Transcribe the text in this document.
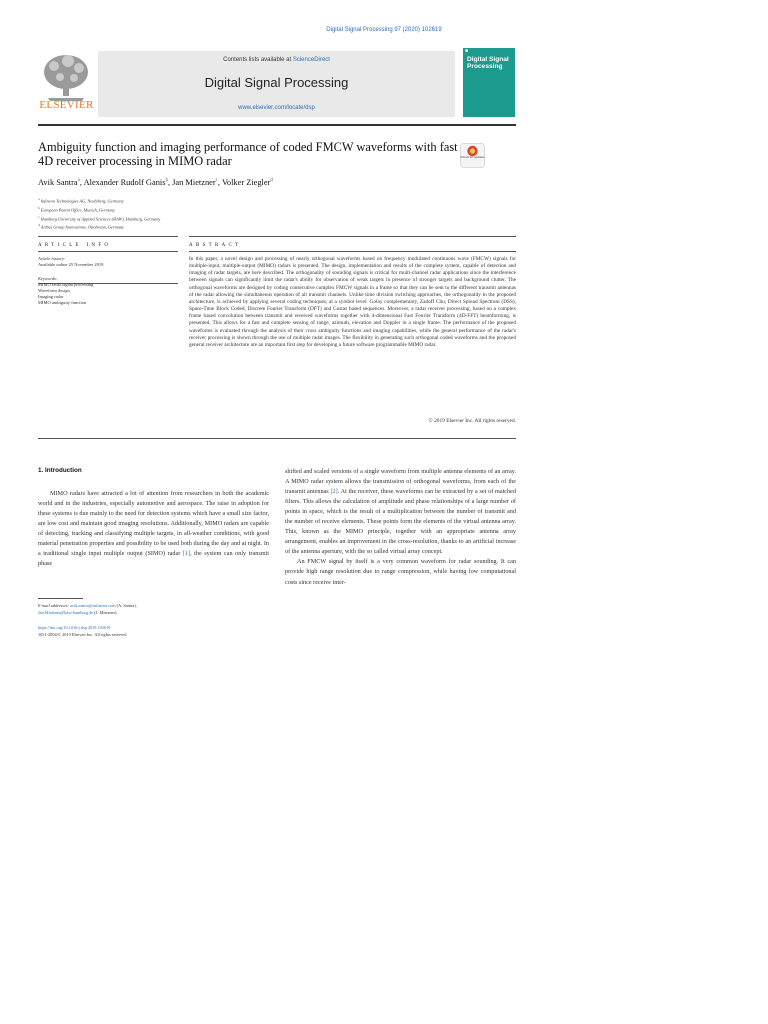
Digital Signal Processing 97 (2020) 102619
ELSEVIER
Contents lists available at ScienceDirect
Digital Signal Processing
www.elsevier.com/locate/dsp
■
Digital Signal Processing
Ambiguity function and imaging performance of coded FMCW waveforms with fast 4D receiver processing in MIMO radar	Check for updates
Avik Santra$^a$, Alexander Rudolf Ganis$^b$, Jan Mietzner$^c$, Volker Ziegler$^d$
$^a$ Infineon Technologies AG, Neubiberg, Germany
$^b$ European Patent Office, Munich, Germany
$^c$ Hamburg University of Applied Sciences (HAW), Hamburg, Germany
$^d$ Airbus Group Innovations, Ottobrunn, Germany
ARTICLE INFO	ABSTRACT
Article history:
Available online 25 November 2019
Keywords:
MIMO radar signal processing
Waveform design
Imaging radar
MIMO ambiguity function
In this paper, a novel design and processing of nearly orthogonal waveforms based on frequency modulated continuous wave (FMCW) signals for multiple-input, multiple-output (MIMO) radars is presented. The design, implementation and results of the complete system, capable of detection and imaging of radar targets, are here described. The orthogonality of sounding signals is critical for multi-channel radar applications since the interference between signals can significantly limit the radar's ability for observation of weak targets in presence of stronger targets and background clutter. The orthogonal waveforms are designed by coding consecutive complex FMCW signals in a frame so that they can be sent to the different transmit antennas of the radar allowing the simultaneous operation of all transmit channels. Unlike time division switching approaches, the orthogonality in the proposed architecture, is achieved by applying several coding techniques, at a symbol level: Golay complementary, Zadoff Chu, Direct Spread Spectrum (DSS), Space-Time Block Coded, Discrete Fourier Transform (DFT) and Costas based sequences. Moreover, a radar receiver processing, based on a complex frame based convolution between transmit and received waveforms together with 4-dimensional Fast Fourier Transform (4D-FFT) beamforming, is presented. This allows for a fast and complete sensing of range, azimuth, elevation and Doppler in a single frame. The performance of the proposed waveforms is evaluated through the analysis of their cross ambiguity functions and imaging capabilities, while the general performance of the radar's receiver processing is shown through the use of multiple radar images. The flexibility in generating such orthogonal coded waveforms and the proposed general receiver architecture are an important first step for developing a future software programmable MIMO radar.
© 2019 Elsevier Inc. All rights reserved.
1. Introduction

MIMO radars have attracted a lot of attention from researchers in both the academic world and in the industries, especially automotive and aerospace. The raise in adoption for these systems is due mainly to the need for detection systems which have a small size factor, are low cost and maintain good imaging resolutions. Additionally, MIMO radars are capable of detecting, tracking and classifying multiple targets, in all-weather conditions, with good material penetration properties and possibility to be used both during the day and at night. In a traditional single input multiple output (SIMO) radar [1], the system can only transmit phase

shifted and scaled versions of a single waveform from multiple antenna elements of an array. A MIMO radar system allows the transmission of orthogonal waveforms, from each of the transmit antennas [2]. At the receiver, these waveforms can be extracted by a set of matched filters. This allows the calculation of amplitude and phase relationships of a large number of points in space, which is the result of a multiplication between the number of transmit and the number of receive elements. These points form the elements of the virtual antenna array. This, known as the MIMO principle, together with an appropriate antenna array arrangement, enables an improvement in the cross-resolution, thanks to an artificial increase of the antenna aperture, with the so called virtual array concept.

An FMCW signal by itself is a very common waveform for radar sounding. It can provide high range resolution due to range compression, while having low computational costs since receive inter-

E-mail addresses: avik.santra@infineon.com (A. Santra),
Jan.Mietzner@haw-hamburg.de (J. Mietzner).
https://doi.org/10.1016/j.dsp.2019.102619
1051-2004/© 2019 Elsevier Inc. All rights reserved.
